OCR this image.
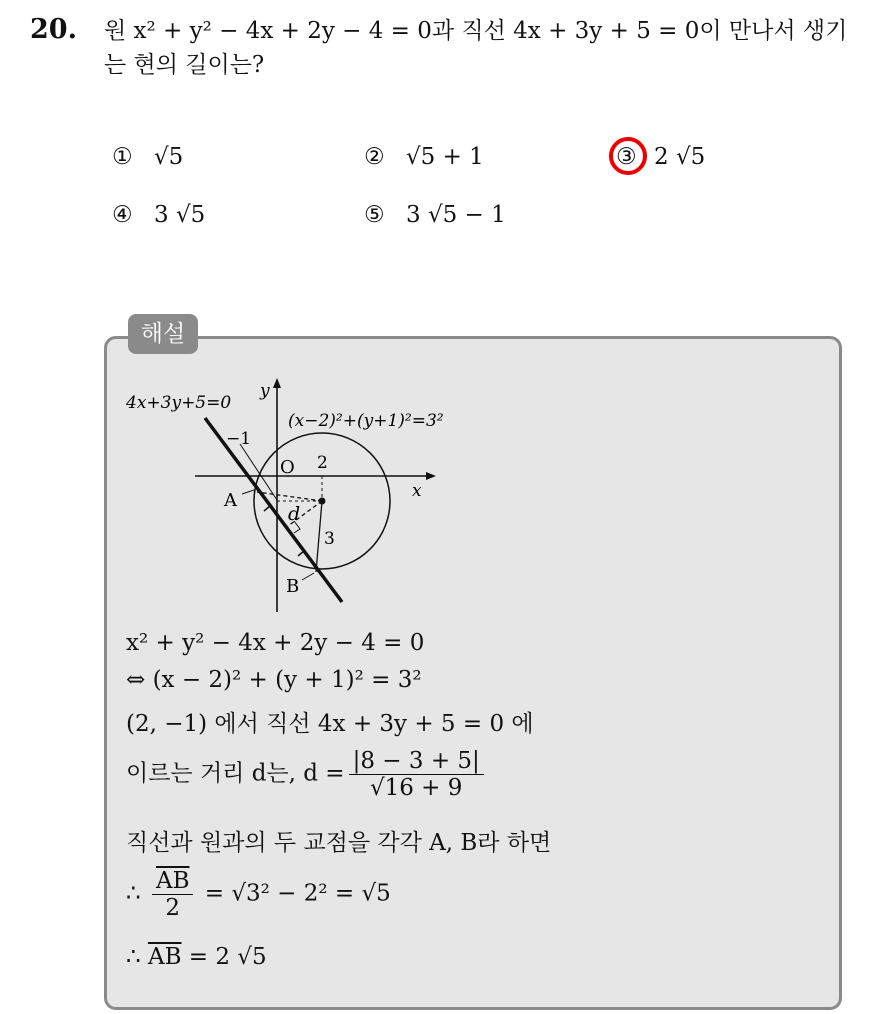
20. 원 x² + y² − 4x + 2y − 4 = 0과 직선 4x + 3y + 5 = 0이 만나서 생기는 현의 길이는?
① √5	② √5 + 1	③ 2 √5
④ 3 √5	⑤ 3 √5 − 1
해설
4x+3y+5=0
(x−2)²+(y+1)²=3²
y
x
O 2
−1
A
B
d
3
x² + y² − 4x + 2y − 4 = 0
⇔ (x − 2)² + (y + 1)² = 3²
(2, −1) 에서 직선 4x + 3y + 5 = 0 에
이르는 거리 d는, $d = \frac{|8 - 3 + 5|}{√16 + 9}$
직선과 원과의 두 교점을 각각 A, B라 하면
∴ $\frac{\overline{AB}}{2} = √3^2 - 2^2 = √5$
∴ $\overline{AB} = 2$ √5
